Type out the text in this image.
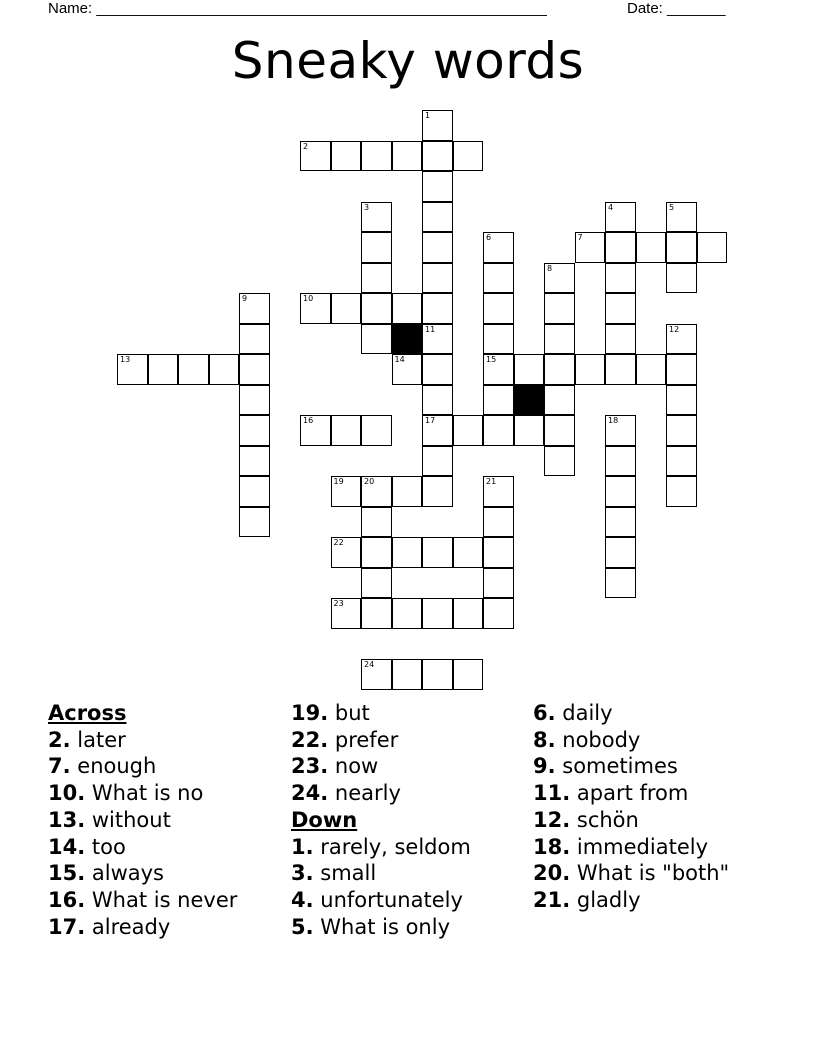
Name: ______________________________________________________	Date: _______
Sneaky words
1
2
3	4	5
6
15
7
8
9	10
11
17
12
13	14
16	18
19	20	21
22
23
24
Across
2. later
7. enough
10. What is no
13. without
14. too
15. always
16. What is never
17. already
19. but
22. prefer
23. now
24. nearly
Down
1. rarely, seldom
3. small
4. unfortunately
5. What is only
6. daily
8. nobody
9. sometimes
11. apart from
12. schön
18. immediately
20. What is "both"
21. gladly
